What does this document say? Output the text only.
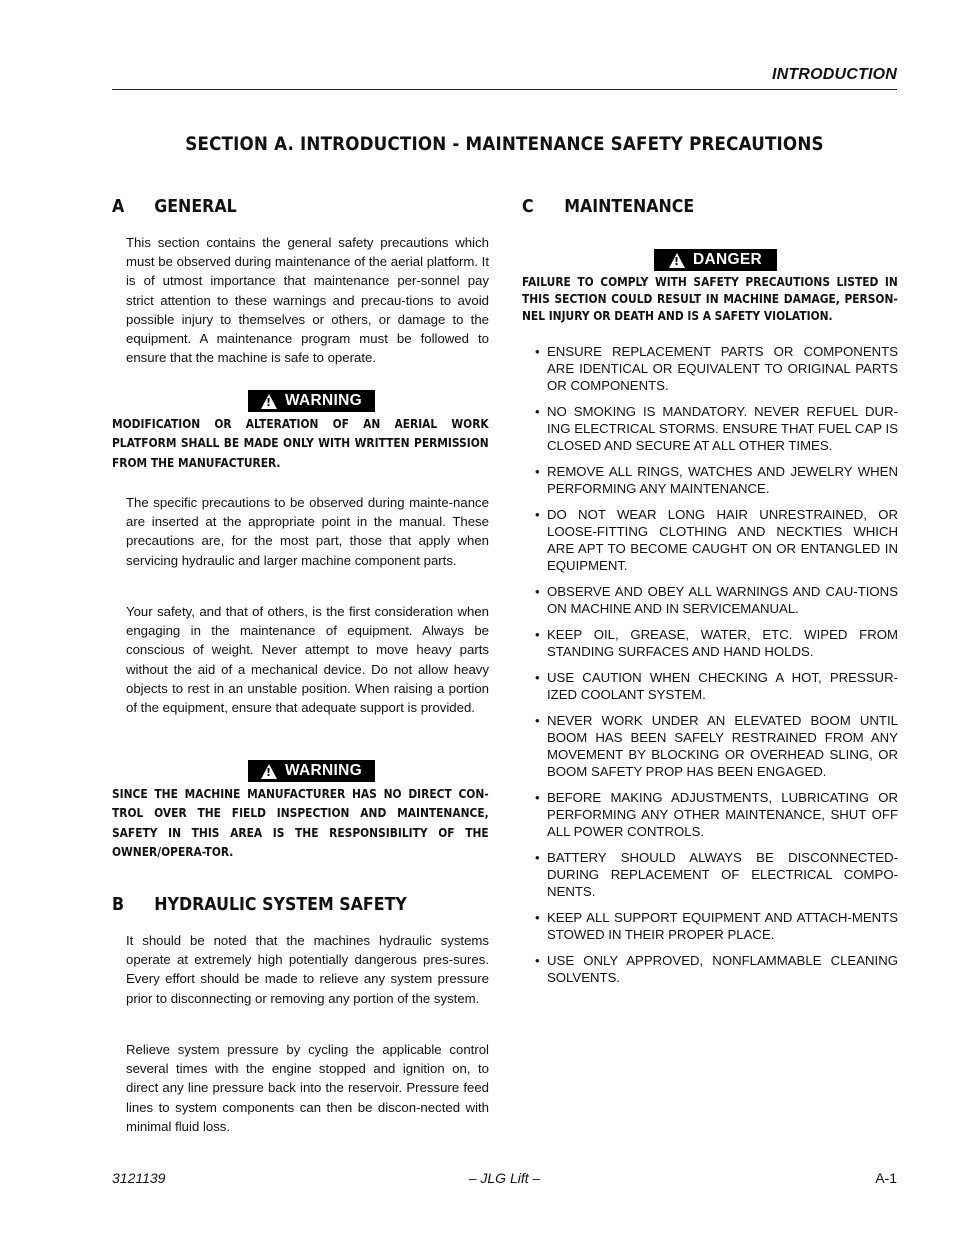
INTRODUCTION
SECTION A. INTRODUCTION - MAINTENANCE SAFETY PRECAUTIONS
A GENERAL

This section contains the general safety precautions which must be observed during maintenance of the aerial platform. It is of utmost importance that maintenance per-sonnel pay strict attention to these warnings and precau-tions to avoid possible injury to themselves or others, or damage to the equipment. A maintenance program must be followed to ensure that the machine is safe to operate.

!
WARNING

MODIFICATION OR ALTERATION OF AN AERIAL WORK PLATFORM SHALL BE MADE ONLY WITH WRITTEN PERMISSION FROM THE MANUFACTURER.

The specific precautions to be observed during mainte-nance are inserted at the appropriate point in the manual. These precautions are, for the most part, those that apply when servicing hydraulic and larger machine component parts.

Your safety, and that of others, is the first consideration when engaging in the maintenance of equipment. Always be conscious of weight. Never attempt to move heavy parts without the aid of a mechanical device. Do not allow heavy objects to rest in an unstable position. When raising a portion of the equipment, ensure that adequate support is provided.

!
WARNING

SINCE THE MACHINE MANUFACTURER HAS NO DIRECT CON-TROL OVER THE FIELD INSPECTION AND MAINTENANCE, SAFETY IN THIS AREA IS THE RESPONSIBILITY OF THE OWNER/OPERA-TOR.

B HYDRAULIC SYSTEM SAFETY

It should be noted that the machines hydraulic systems operate at extremely high potentially dangerous pres-sures. Every effort should be made to relieve any system pressure prior to disconnecting or removing any portion of the system.

Relieve system pressure by cycling the applicable control several times with the engine stopped and ignition on, to direct any line pressure back into the reservoir. Pressure feed lines to system components can then be discon-nected with minimal fluid loss.

C MAINTENANCE
!
DANGER

FAILURE TO COMPLY WITH SAFETY PRECAUTIONS LISTED IN THIS SECTION COULD RESULT IN MACHINE DAMAGE, PERSON-NEL INJURY OR DEATH AND IS A SAFETY VIOLATION.

• ENSURE REPLACEMENT PARTS OR COMPONENTS ARE IDENTICAL OR EQUIVALENT TO ORIGINAL PARTS OR COMPONENTS.
• NO SMOKING IS MANDATORY. NEVER REFUEL DUR-ING ELECTRICAL STORMS. ENSURE THAT FUEL CAP IS CLOSED AND SECURE AT ALL OTHER TIMES.
• REMOVE ALL RINGS, WATCHES AND JEWELRY WHEN PERFORMING ANY MAINTENANCE.
• DO NOT WEAR LONG HAIR UNRESTRAINED, OR LOOSE-FITTING CLOTHING AND NECKTIES WHICH ARE APT TO BECOME CAUGHT ON OR ENTANGLED IN EQUIPMENT.
• OBSERVE AND OBEY ALL WARNINGS AND CAU-TIONS ON MACHINE AND IN SERVICEMANUAL.
• KEEP OIL, GREASE, WATER, ETC. WIPED FROM STANDING SURFACES AND HAND HOLDS.
• USE CAUTION WHEN CHECKING A HOT, PRESSUR-IZED COOLANT SYSTEM.
• NEVER WORK UNDER AN ELEVATED BOOM UNTIL BOOM HAS BEEN SAFELY RESTRAINED FROM ANY MOVEMENT BY BLOCKING OR OVERHEAD SLING, OR BOOM SAFETY PROP HAS BEEN ENGAGED.
• BEFORE MAKING ADJUSTMENTS, LUBRICATING OR PERFORMING ANY OTHER MAINTENANCE, SHUT OFF ALL POWER CONTROLS.
• BATTERY SHOULD ALWAYS BE DISCONNECTED-DURING REPLACEMENT OF ELECTRICAL COMPO-NENTS.
• KEEP ALL SUPPORT EQUIPMENT AND ATTACH-MENTS STOWED IN THEIR PROPER PLACE.
• USE ONLY APPROVED, NONFLAMMABLE CLEANING SOLVENTS.
3121139	– JLG Lift –	A-1
